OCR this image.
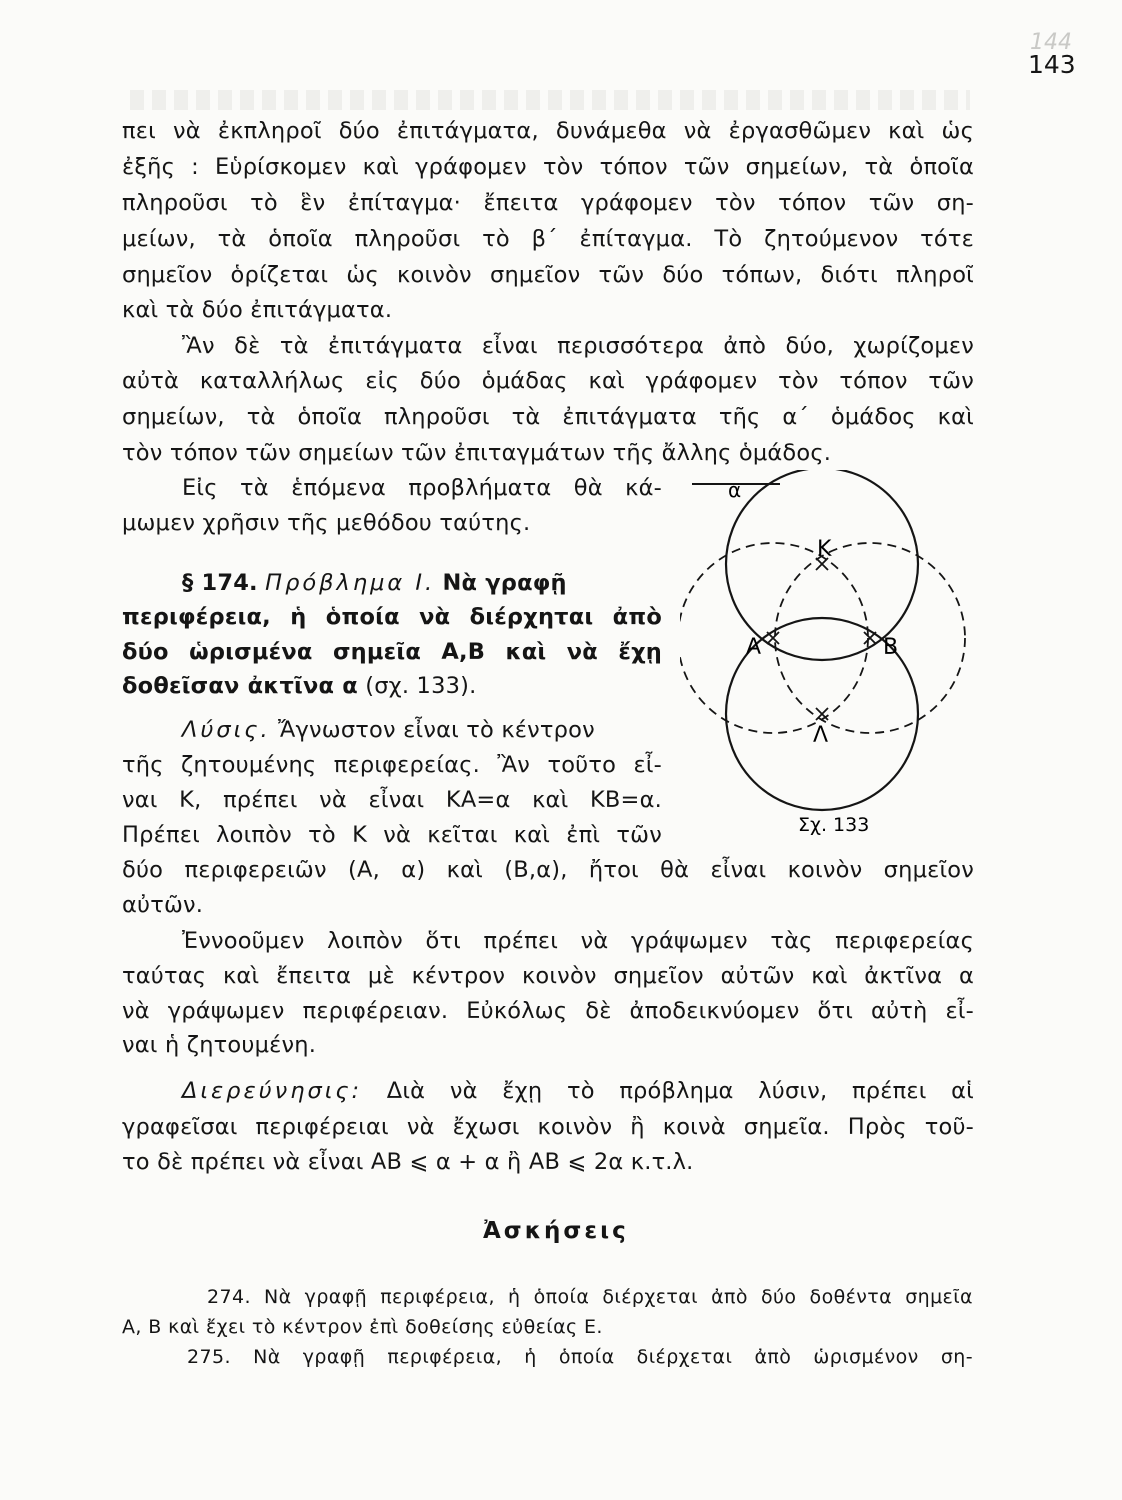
144
143
πει νὰ ἐκπληροῖ δύο ἐπιτάγματα, δυνάμεθα νὰ ἐργασθῶμεν καὶ ὡς
ἐξῆς : Εὑρίσκομεν καὶ γράφομεν τὸν τόπον τῶν σημείων, τὰ ὁποῖα
πληροῦσι τὸ ἓν ἐπίταγμα· ἔπειτα γράφομεν τὸν τόπον τῶν ση-
μείων, τὰ ὁποῖα πληροῦσι τὸ β΄ ἐπίταγμα. Τὸ ζητούμενον τότε
σημεῖον ὁρίζεται ὡς κοινὸν σημεῖον τῶν δύο τόπων, διότι πληροῖ
καὶ τὰ δύο ἐπιτάγματα.
Ἂν δὲ τὰ ἐπιτάγματα εἶναι περισσότερα ἀπὸ δύο, χωρίζομεν
αὐτὰ καταλλήλως εἰς δύο ὁμάδας καὶ γράφομεν τὸν τόπον τῶν
σημείων, τὰ ὁποῖα πληροῦσι τὰ ἐπιτάγματα τῆς α΄ ὁμάδος καὶ
τὸν τόπον τῶν σημείων τῶν ἐπιταγμάτων τῆς ἄλλης ὁμάδος.
Εἰς τὰ ἑπόμενα προβλήματα θὰ κά-
μωμεν χρῆσιν τῆς μεθόδου ταύτης.
§ 174. Πρόβλημα Ι. Νὰ γραφῇ
περιφέρεια, ἡ ὁποία νὰ διέρχηται ἀπὸ
δύο ὡρισμένα σημεῖα Α,Β καὶ νὰ ἔχῃ
δοθεῖσαν ἀκτῖνα α (σχ. 133).
Λύσις. Ἄγνωστον εἶναι τὸ κέντρον
τῆς ζητουμένης περιφερείας. Ἂν τοῦτο εἶ-
ναι Κ, πρέπει νὰ εἶναι ΚΑ=α καὶ ΚΒ=α.
Πρέπει λοιπὸν τὸ Κ νὰ κεῖται καὶ ἐπὶ τῶν
δύο περιφερειῶν (Α, α) καὶ (Β,α), ἤτοι θὰ εἶναι κοινὸν σημεῖον
αὐτῶν.
Ἐννοοῦμεν λοιπὸν ὅτι πρέπει νὰ γράψωμεν τὰς περιφερείας
ταύτας καὶ ἔπειτα μὲ κέντρον κοινὸν σημεῖον αὐτῶν καὶ ἀκτῖνα α
νὰ γράψωμεν περιφέρειαν. Εὐκόλως δὲ ἀποδεικνύομεν ὅτι αὐτὴ εἶ-
ναι ἡ ζητουμένη.
Διερεύνησις: Διὰ νὰ ἔχῃ τὸ πρόβλημα λύσιν, πρέπει αἱ
γραφεῖσαι περιφέρειαι νὰ ἔχωσι κοινὸν ἢ κοινὰ σημεῖα. Πρὸς τοῦ-
το δὲ πρέπει νὰ εἶναι ΑΒ ⩽ α + α ἢ ΑΒ ⩽ 2α κ.τ.λ.
Ἀσκήσεις
274. Νὰ γραφῇ περιφέρεια, ἡ ὁποία διέρχεται ἀπὸ δύο δοθέντα σημεῖα
Α, Β καὶ ἔχει τὸ κέντρον ἐπὶ δοθείσης εὐθείας Ε.
275. Νὰ γραφῇ περιφέρεια, ἡ ὁποία διέρχεται ἀπὸ ὡρισμένον ση-
α
Κ
Α	Β
Λ
Σχ. 133
